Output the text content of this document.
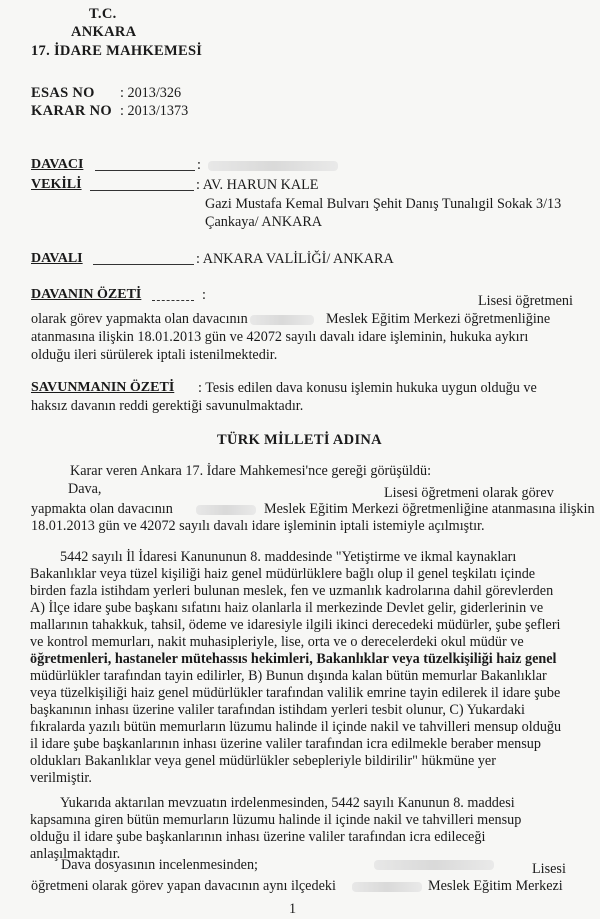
T.C.
ANKARA
17. İDARE MAHKEMESİ
ESAS NO : 2013/326
KARAR NO : 2013/1373
DAVACI	:
VEKİLİ	: AV. HARUN KALE
Gazi Mustafa Kemal Bulvarı Şehit Danış Tunalıgil Sokak 3/13
Çankaya/ ANKARA
DAVALI	: ANKARA VALİLİĞİ/ ANKARA
DAVANIN ÖZETİ	:	Lisesi öğretmeni
olarak görev yapmakta olan davacının	Meslek Eğitim Merkezi öğretmenliğine
atanmasına ilişkin 18.01.2013 gün ve 42072 sayılı davalı idare işleminin, hukuka aykırı
olduğu ileri sürülerek iptali istenilmektedir.
SAVUNMANIN ÖZETİ : Tesis edilen dava konusu işlemin hukuka uygun olduğu ve
haksız davanın reddi gerektiği savunulmaktadır.
TÜRK MİLLETİ ADINA
Karar veren Ankara 17. İdare Mahkemesi'nce gereği görüşüldü:
Dava,	Lisesi öğretmeni olarak görev
yapmakta olan davacının	Meslek Eğitim Merkezi öğretmenliğine atanmasına ilişkin
18.01.2013 gün ve 42072 sayılı davalı idare işleminin iptali istemiyle açılmıştır.
5442 sayılı İl İdaresi Kanununun 8. maddesinde "Yetiştirme ve ikmal kaynakları
Bakanlıklar veya tüzel kişiliği haiz genel müdürlüklere bağlı olup il genel teşkilatı içinde
birden fazla istihdam yerleri bulunan meslek, fen ve uzmanlık kadrolarına dahil görevlerden
A) İlçe idare şube başkanı sıfatını haiz olanlarla il merkezinde Devlet gelir, giderlerinin ve
mallarının tahakkuk, tahsil, ödeme ve idaresiyle ilgili ikinci derecedeki müdürler, şube şefleri
ve kontrol memurları, nakit muhasipleriyle, lise, orta ve o derecelerdeki okul müdür ve
öğretmenleri, hastaneler mütehassıs hekimleri, Bakanlıklar veya tüzelkişiliği haiz genel
müdürlükler tarafından tayin edilirler, B) Bunun dışında kalan bütün memurlar Bakanlıklar
veya tüzelkişiliği haiz genel müdürlükler tarafından valilik emrine tayin edilerek il idare şube
başkanının inhası üzerine valiler tarafından istihdam yerleri tesbit olunur, C) Yukardaki
fıkralarda yazılı bütün memurların lüzumu halinde il içinde nakil ve tahvilleri mensup olduğu
il idare şube başkanlarının inhası üzerine valiler tarafından icra edilmekle beraber mensup
oldukları Bakanlıklar veya genel müdürlükler sebepleriyle bildirilir" hükmüne yer
verilmiştir.
Yukarıda aktarılan mevzuatın irdelenmesinden, 5442 sayılı Kanunun 8. maddesi
kapsamına giren bütün memurların lüzumu halinde il içinde nakil ve tahvilleri mensup
olduğu il idare şube başkanlarının inhası üzerine valiler tarafından icra edileceği
anlaşılmaktadır.
Dava dosyasının incelenmesinden;	Lisesi
öğretmeni olarak görev yapan davacının aynı ilçedeki	Meslek Eğitim Merkezi
1
